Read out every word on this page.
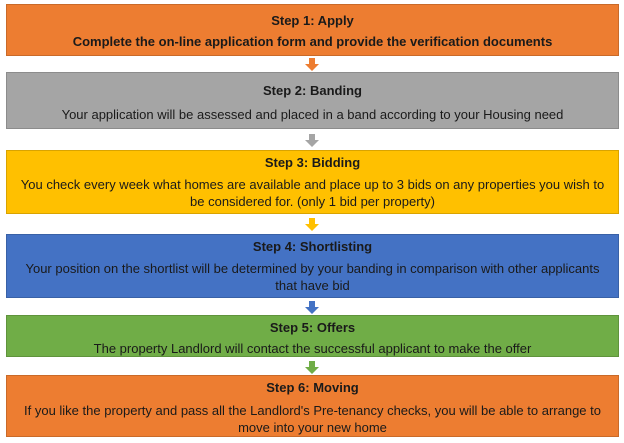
Step 1: Apply
Complete the on-line application form and provide the verification documents
Step 2: Banding
Your application will be assessed and placed in a band according to your Housing need
Step 3: Bidding
You check every week what homes are available and place up to 3 bids on any properties you wish to be considered for. (only 1 bid per property)
Step 4: Shortlisting
Your position on the shortlist will be determined by your banding in comparison with other applicants that have bid
Step 5: Offers
The property Landlord will contact the successful applicant to make the offer
Step 6: Moving
If you like the property and pass all the Landlord's Pre-tenancy checks, you will be able to arrange to move into your new home
